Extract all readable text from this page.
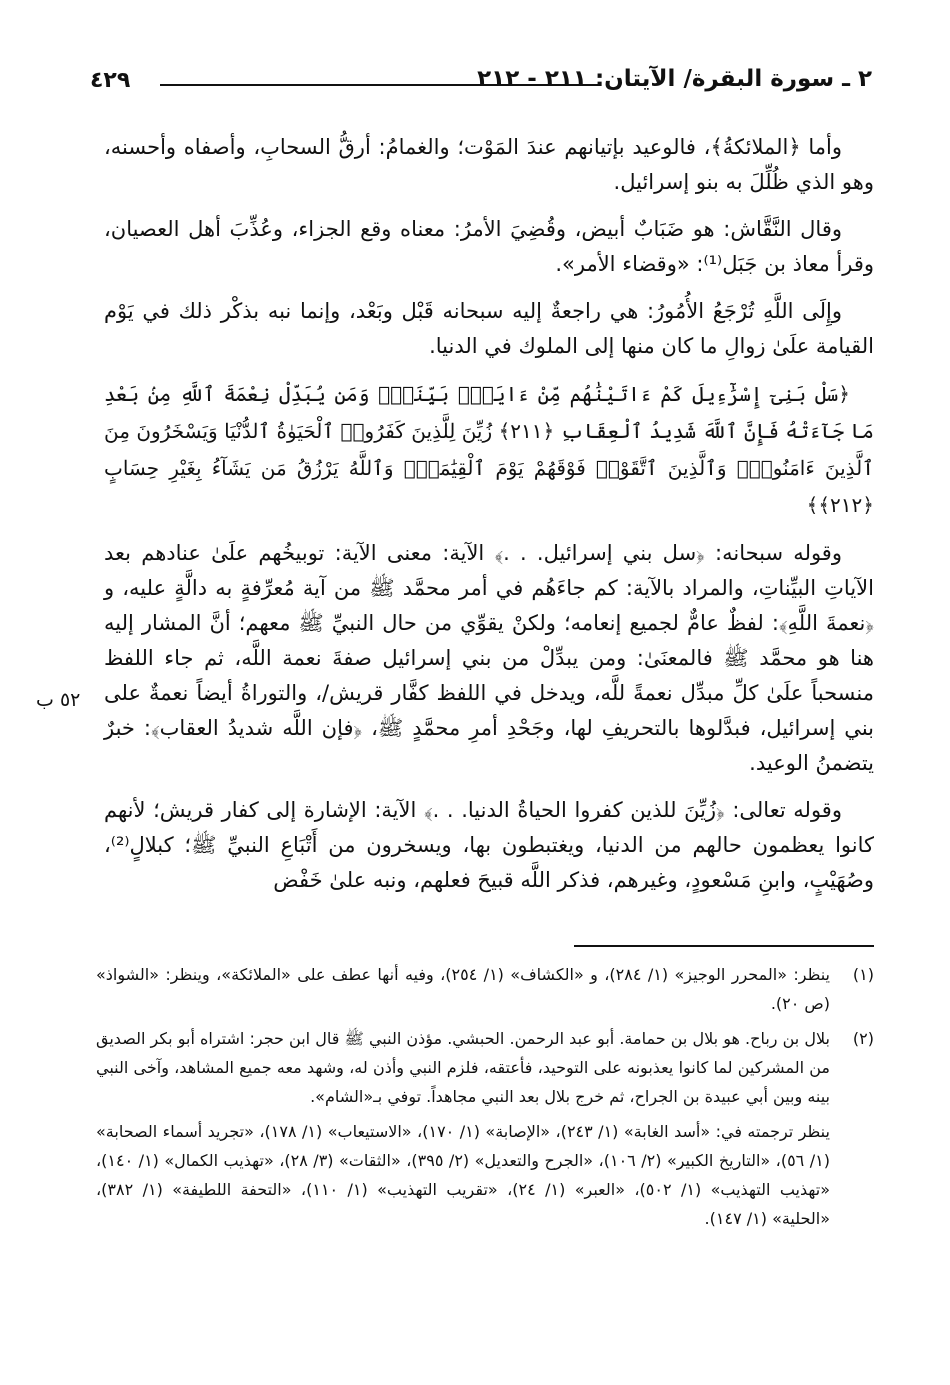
٤٢٩	٢ ـ سورة البقرة/ الآيتان: ٢١١ - ٢١٢

وأما ﴿الملائكةُ﴾، فالوعيد بإتيانهم عندَ المَوْت؛ والغمامُ: أرقُّ السحابِ، وأصفاه وأحسنه، وهو الذي ظُلِّلَ به بنو إسرائيل.

وقال النَّقَّاش: هو ضَبَابٌ أبيض، وقُضِيَ الأمرُ: معناه وقع الجزاء، وعُذِّبَ أهل العصيان، وقرأ معاذ بن جَبَل⁽¹⁾: «وقضاء الأمر».

وإِلَى اللَّهِ تُرْجَعُ الأُمُورُ: هي راجعةٌ إليه سبحانه قَبْل وبَعْد، وإنما نبه بذكْر ذلك في يَوْم القيامة علَىٰ زوالِ ما كان منها إلى الملوك في الدنيا.

﴿سَلْ بَنِىٓ إِسْرَٰٓءِيلَ كَمْ ءَاتَيْنَٰهُم مِّنْ ءَايَةٍۭ بَيِّنَةٍۗ وَمَن يُبَدِّلْ نِعْمَةَ ٱللَّهِ مِنۢ بَعْدِ مَا جَآءَتْهُ فَإِنَّ ٱللَّهَ شَدِيدُ ٱلْعِقَابِ ﴿٢١١﴾ زُيِّنَ لِلَّذِينَ كَفَرُوا۟ ٱلْحَيَوٰةُ ٱلدُّنْيَا وَيَسْخَرُونَ مِنَ ٱلَّذِينَ ءَامَنُوا۟ۘ وَٱلَّذِينَ ٱتَّقَوْا۟ فَوْقَهُمْ يَوْمَ ٱلْقِيَٰمَةِۗ وَٱللَّهُ يَرْزُقُ مَن يَشَآءُ بِغَيْرِ حِسَابٍ ﴿٢١٢﴾﴾

وقوله سبحانه: ﴿سل بني إسرائيل. . .﴾ الآية: معنى الآية: توبيخُهم علَىٰ عنادهم بعد الآياتِ البيِّناتِ، والمراد بالآية: كم جاءَهُم في أمر محمَّد ﷺ من آية مُعرِّفةٍ به دالَّةٍ عليه، و ﴿نعمةَ اللَّهِ﴾: لفظٌ عامٌّ لجميع إنعامه؛ ولكنْ يقوِّي من حال النبيِّ ﷺ معهم؛ أنَّ المشار إليه هنا هو محمَّد ﷺ فالمعنَىٰ: ومن يبدِّلْ من بني إسرائيل صفةَ نعمة اللَّه، ثم جاء اللفظ منسحباً علَىٰ كلِّ مبدِّل نعمةً للَّه، ويدخل في اللفظ كفَّار قريش/، والتوراةُ أيضاً نعمةٌ على بني إسرائيل، فبدَّلوها بالتحريفِ لها، وجَحْدِ أمرِ محمَّدٍ ﷺ، ﴿فإن اللَّه شديدُ العقاب﴾: خبرٌ يتضمنُ الوعيد.

وقوله تعالى: ﴿زُيِّنَ للذين كفروا الحياةُ الدنيا. . .﴾ الآية: الإشارة إلى كفار قريش؛ لأنهم كانوا يعظمون حالهم من الدنيا، ويغتبطون بها، ويسخرون من أَتْبَاعِ النبيِّ ﷺ؛ كبلالٍ⁽²⁾، وصُهَيْبٍ، وابنِ مَسْعودٍ، وغيرهم، فذكر اللَّه قبيحَ فعلهم، ونبه علىٰ خَفْض

٥٢ ب
(١)
ينظر: «المحرر الوجيز» (١/ ٢٨٤)، و «الكشاف» (١/ ٢٥٤)، وفيه أنها عطف على «الملائكة»، وينظر: «الشواذ» (ص ٢٠).
(٢)
بلال بن رباح. هو بلال بن حمامة. أبو عبد الرحمن. الحبشي. مؤذن النبي ﷺ قال ابن حجر: اشتراه أبو بكر الصديق من المشركين لما كانوا يعذبونه على التوحيد، فأعتقه، فلزم النبي وأذن له، وشهد معه جميع المشاهد، وآخى النبي بينه وبين أبي عبيدة بن الجراح، ثم خرج بلال بعد النبي مجاهداً. توفي بـ«الشام».
ينظر ترجمته في: «أسد الغابة» (١/ ٢٤٣)، «الإصابة» (١/ ١٧٠)، «الاستيعاب» (١/ ١٧٨)، «تجريد أسماء الصحابة» (١/ ٥٦)، «التاريخ الكبير» (٢/ ١٠٦)، «الجرح والتعديل» (٢/ ٣٩٥)، «الثقات» (٣/ ٢٨)، «تهذيب الكمال» (١/ ١٤٠)، «تهذيب التهذيب» (١/ ٥٠٢)، «العبر» (١/ ٢٤)، «تقريب التهذيب» (١/ ١١٠)، «التحفة اللطيفة» (١/ ٣٨٢)، «الحلية» (١/ ١٤٧).
